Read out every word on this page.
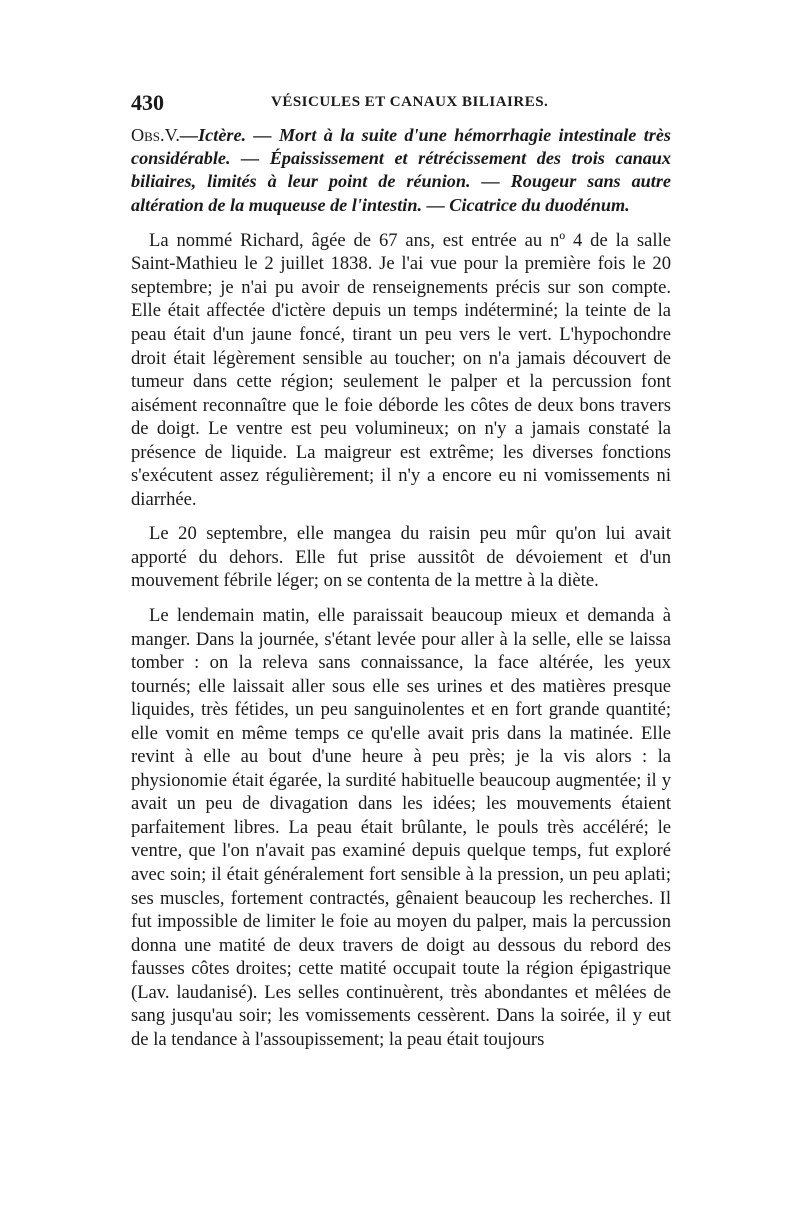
430	VÉSICULES ET CANAUX BILIAIRES.
Obs.V.—Ictère. — Mort à la suite d'une hémorrhagie intestinale très considérable. — Épaississement et rétrécissement des trois canaux biliaires, limités à leur point de réunion. — Rougeur sans autre altération de la muqueuse de l'intestin. — Cicatrice du duodénum.

La nommé Richard, âgée de 67 ans, est entrée au nº 4 de la salle Saint-Mathieu le 2 juillet 1838. Je l'ai vue pour la première fois le 20 septembre; je n'ai pu avoir de renseignements précis sur son compte. Elle était affectée d'ictère depuis un temps indéterminé; la teinte de la peau était d'un jaune foncé, tirant un peu vers le vert. L'hypochondre droit était légèrement sensible au toucher; on n'a jamais découvert de tumeur dans cette région; seulement le palper et la percussion font aisément reconnaître que le foie déborde les côtes de deux bons travers de doigt. Le ventre est peu volumineux; on n'y a jamais constaté la présence de liquide. La maigreur est extrême; les diverses fonctions s'exécutent assez régulièrement; il n'y a encore eu ni vomissements ni diarrhée.

Le 20 septembre, elle mangea du raisin peu mûr qu'on lui avait apporté du dehors. Elle fut prise aussitôt de dévoiement et d'un mouvement fébrile léger; on se contenta de la mettre à la diète.

Le lendemain matin, elle paraissait beaucoup mieux et demanda à manger. Dans la journée, s'étant levée pour aller à la selle, elle se laissa tomber : on la releva sans connaissance, la face altérée, les yeux tournés; elle laissait aller sous elle ses urines et des matières presque liquides, très fétides, un peu sanguinolentes et en fort grande quantité; elle vomit en même temps ce qu'elle avait pris dans la matinée. Elle revint à elle au bout d'une heure à peu près; je la vis alors : la physionomie était égarée, la surdité habituelle beaucoup augmentée; il y avait un peu de divagation dans les idées; les mouvements étaient parfaitement libres. La peau était brûlante, le pouls très accéléré; le ventre, que l'on n'avait pas examiné depuis quelque temps, fut exploré avec soin; il était généralement fort sensible à la pression, un peu aplati; ses muscles, fortement contractés, gênaient beaucoup les recherches. Il fut impossible de limiter le foie au moyen du palper, mais la percussion donna une matité de deux travers de doigt au dessous du rebord des fausses côtes droites; cette matité occupait toute la région épigastrique (Lav. laudanisé). Les selles continuèrent, très abondantes et mêlées de sang jusqu'au soir; les vomissements cessèrent. Dans la soirée, il y eut de la tendance à l'assoupissement; la peau était toujours
